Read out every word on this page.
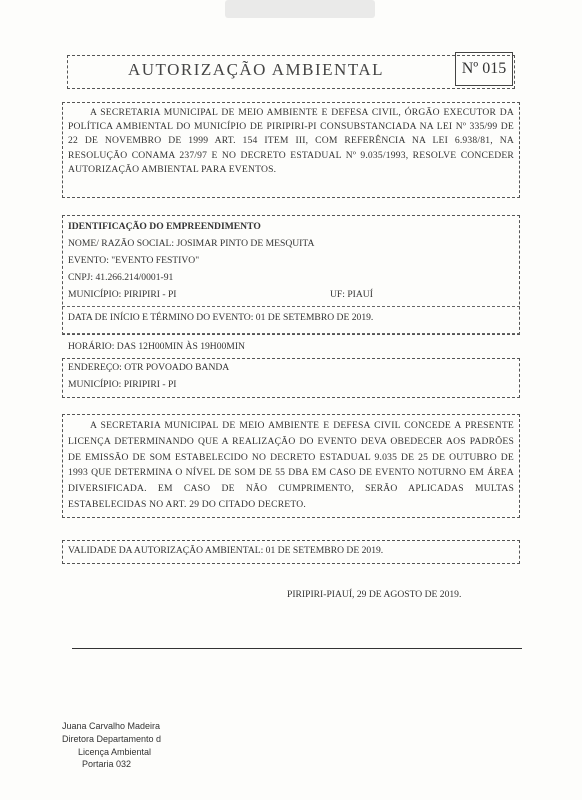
AUTORIZAÇÃO AMBIENTAL	Nº 015
A SECRETARIA MUNICIPAL DE MEIO AMBIENTE E DEFESA CIVIL, ÓRGÃO EXECUTOR DA POLÍTICA AMBIENTAL DO MUNICÍPIO DE PIRIPIRI-PI CONSUBSTANCIADA NA LEI Nº 335/99 DE 22 DE NOVEMBRO DE 1999 ART. 154 ITEM III, COM REFERÊNCIA NA LEI 6.938/81, NA RESOLUÇÃO CONAMA 237/97 E NO DECRETO ESTADUAL Nº 9.035/1993, RESOLVE CONCEDER AUTORIZAÇÃO AMBIENTAL PARA EVENTOS.
IDENTIFICAÇÃO DO EMPREENDIMENTO
NOME/ RAZÃO SOCIAL: JOSIMAR PINTO DE MESQUITA
EVENTO: "EVENTO FESTIVO"
CNPJ: 41.266.214/0001-91
MUNICÍPIO: PIRIPIRI - PI	UF: PIAUÍ
DATA DE INÍCIO E TÉRMINO DO EVENTO: 01 DE SETEMBRO DE 2019.
HORÁRIO: DAS 12H00MIN ÀS 19H00MIN
ENDEREÇO: OTR POVOADO BANDA
MUNICÍPIO: PIRIPIRI - PI
A SECRETARIA MUNICIPAL DE MEIO AMBIENTE E DEFESA CIVIL CONCEDE A PRESENTE LICENÇA DETERMINANDO QUE A REALIZAÇÃO DO EVENTO DEVA OBEDECER AOS PADRÕES DE EMISSÃO DE SOM ESTABELECIDO NO DECRETO ESTADUAL 9.035 DE 25 DE OUTUBRO DE 1993 QUE DETERMINA O NÍVEL DE SOM DE 55 DBA EM CASO DE EVENTO NOTURNO EM ÁREA DIVERSIFICADA. EM CASO DE NÃO CUMPRIMENTO, SERÃO APLICADAS MULTAS ESTABELECIDAS NO ART. 29 DO CITADO DECRETO.
VALIDADE DA AUTORIZAÇÃO AMBIENTAL: 01 DE SETEMBRO DE 2019.
PIRIPIRI-PIAUÍ, 29 DE AGOSTO DE 2019.
Juana Carvalho Madeira
Diretora Departamento d
Licença Ambiental
Portaria 032
